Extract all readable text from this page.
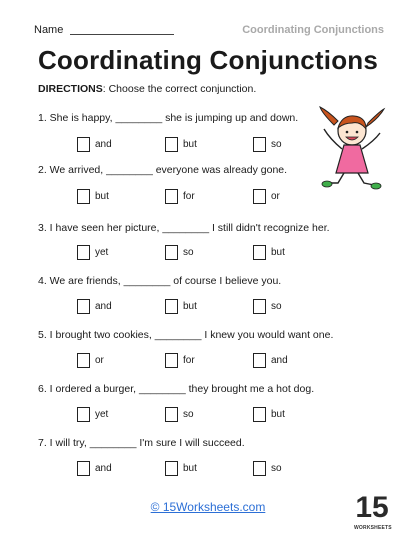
Name	Coordinating Conjunctions
Coordinating Conjunctions
DIRECTIONS: Choose the correct conjunction.
1. She is happy, ________ she is jumping up and down.
and	but	so
2. We arrived, ________ everyone was already gone.
but	for	or
3. I have seen her picture, ________ I still didn't recognize her.
yet	so	but
4. We are friends, ________ of course I believe you.
and	but	so
5. I brought two cookies, ________ I knew you would want one.
or	for	and
6. I ordered a burger, ________ they brought me a hot dog.
yet	so	but
7. I will try, ________ I'm sure I will succeed.
and	but	so
© 15Worksheets.com	15
WORKSHEETS
